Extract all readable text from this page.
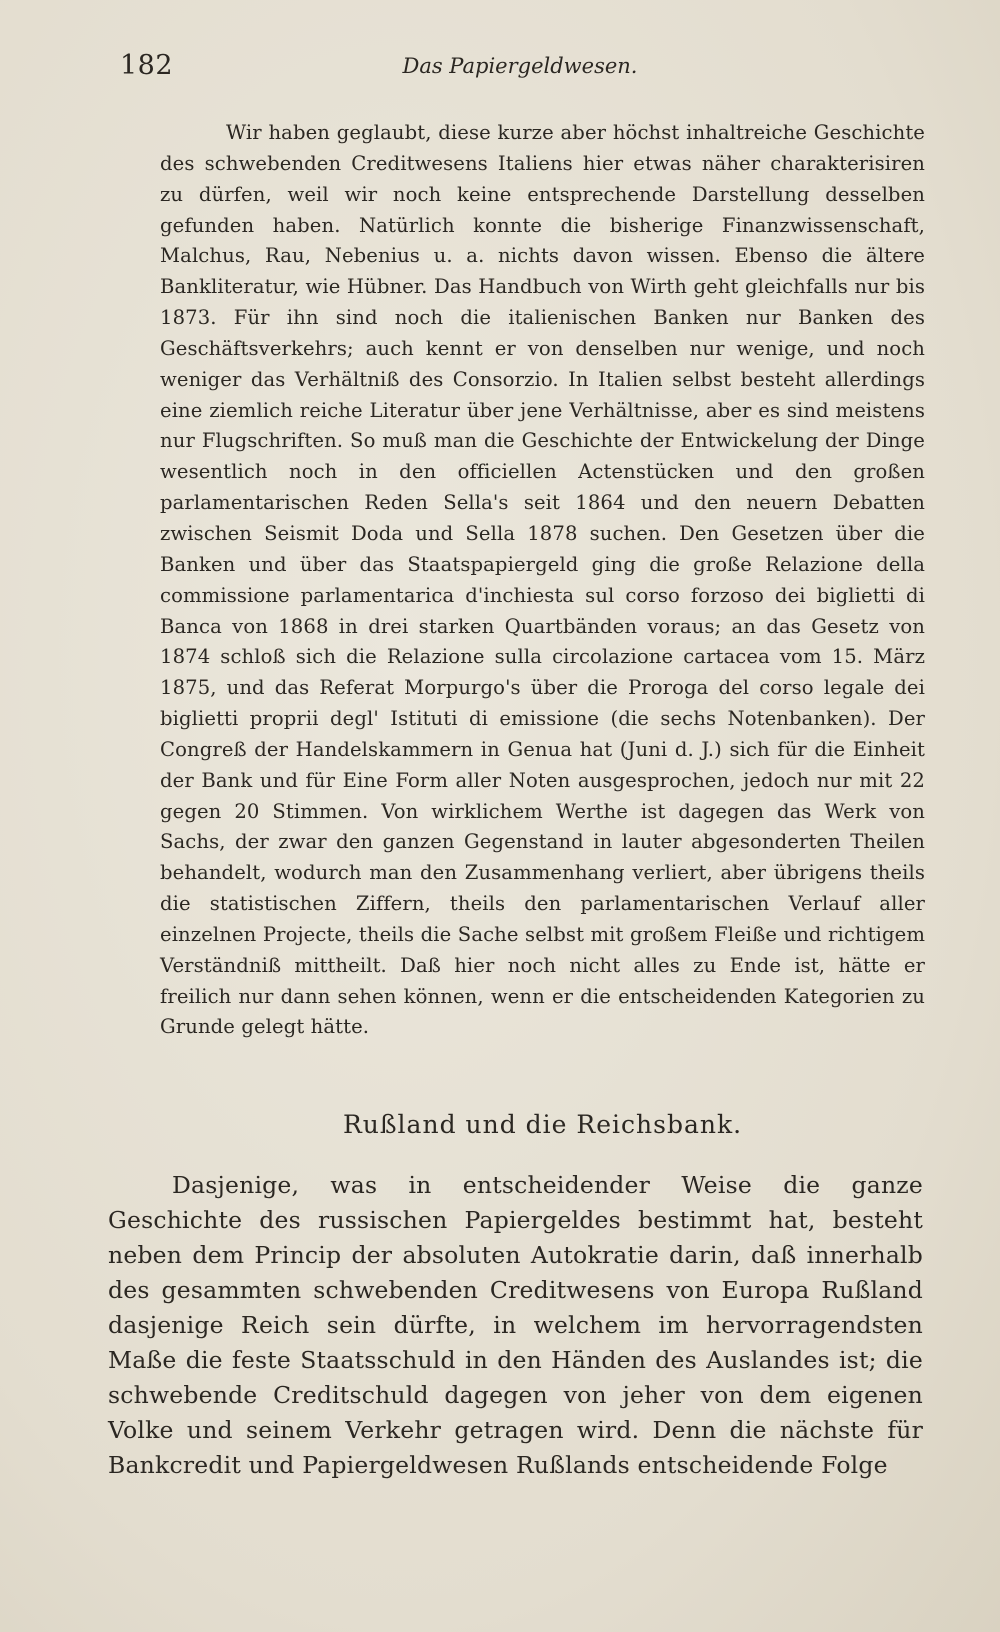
182	Das Papiergeldwesen.

Wir haben geglaubt, diese kurze aber höchst inhaltreiche Geschichte des schwebenden Creditwesens Italiens hier etwas näher charakterisiren zu dürfen, weil wir noch keine entsprechende Darstellung desselben gefunden haben. Natürlich konnte die bisherige Finanzwissenschaft, Malchus, Rau, Nebenius u. a. nichts davon wissen. Ebenso die ältere Bankliteratur, wie Hübner. Das Handbuch von Wirth geht gleichfalls nur bis 1873. Für ihn sind noch die italienischen Banken nur Banken des Geschäftsverkehrs; auch kennt er von denselben nur wenige, und noch weniger das Verhältniß des Consorzio. In Italien selbst besteht allerdings eine ziemlich reiche Literatur über jene Verhältnisse, aber es sind meistens nur Flugschriften. So muß man die Geschichte der Entwickelung der Dinge wesentlich noch in den officiellen Actenstücken und den großen parlamentarischen Reden Sella's seit 1864 und den neuern Debatten zwischen Seismit Doda und Sella 1878 suchen. Den Gesetzen über die Banken und über das Staatspapiergeld ging die große Relazione della commissione parlamentarica d'inchiesta sul corso forzoso dei biglietti di Banca von 1868 in drei starken Quartbänden voraus; an das Gesetz von 1874 schloß sich die Relazione sulla circolazione cartacea vom 15. März 1875, und das Referat Morpurgo's über die Proroga del corso legale dei biglietti proprii degl' Istituti di emissione (die sechs Notenbanken). Der Congreß der Handelskammern in Genua hat (Juni d. J.) sich für die Einheit der Bank und für Eine Form aller Noten ausgesprochen, jedoch nur mit 22 gegen 20 Stimmen. Von wirklichem Werthe ist dagegen das Werk von Sachs, der zwar den ganzen Gegenstand in lauter abgesonderten Theilen behandelt, wodurch man den Zusammenhang verliert, aber übrigens theils die statistischen Ziffern, theils den parlamentarischen Verlauf aller einzelnen Projecte, theils die Sache selbst mit großem Fleiße und richtigem Verständniß mittheilt. Daß hier noch nicht alles zu Ende ist, hätte er freilich nur dann sehen können, wenn er die entscheidenden Kategorien zu Grunde gelegt hätte.

Rußland und die Reichsbank.

Dasjenige, was in entscheidender Weise die ganze Geschichte des russischen Papiergeldes bestimmt hat, besteht neben dem Princip der absoluten Autokratie darin, daß innerhalb des gesammten schwebenden Creditwesens von Europa Rußland dasjenige Reich sein dürfte, in welchem im hervorragendsten Maße die feste Staatsschuld in den Händen des Auslandes ist; die schwebende Creditschuld dagegen von jeher von dem eigenen Volke und seinem Verkehr getragen wird. Denn die nächste für Bankcredit und Papiergeldwesen Rußlands entscheidende Folge
